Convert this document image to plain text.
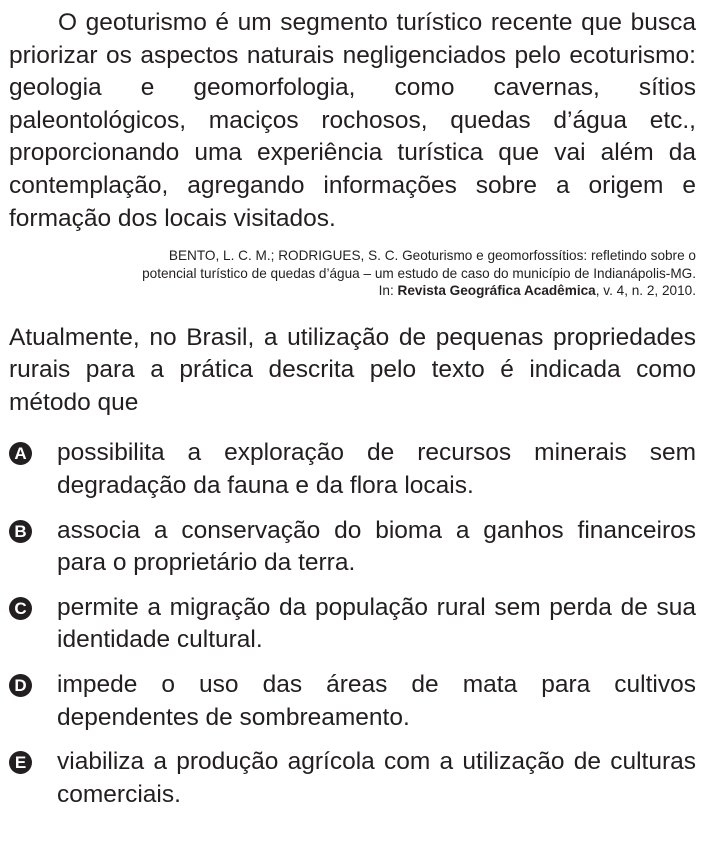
O geoturismo é um segmento turístico recente que busca priorizar os aspectos naturais negligenciados pelo ecoturismo: geologia e geomorfologia, como cavernas, sítios paleontológicos, maciços rochosos, quedas d’água etc., proporcionando uma experiência turística que vai além da contemplação, agregando informações sobre a origem e formação dos locais visitados.

BENTO, L. C. M.; RODRIGUES, S. C. Geoturismo e geomorfossítios: refletindo sobre o
potencial turístico de quedas d’água – um estudo de caso do município de Indianápolis-MG.
In: Revista Geográfica Acadêmica, v. 4, n. 2, 2010.
Atualmente, no Brasil, a utilização de pequenas propriedades rurais para a prática descrita pelo texto é indicada como método que
A possibilita a exploração de recursos minerais sem degradação da fauna e da flora locais.
B associa a conservação do bioma a ganhos financeiros para o proprietário da terra.
C permite a migração da população rural sem perda de sua identidade cultural.
D impede o uso das áreas de mata para cultivos dependentes de sombreamento.
E viabiliza a produção agrícola com a utilização de culturas comerciais.
